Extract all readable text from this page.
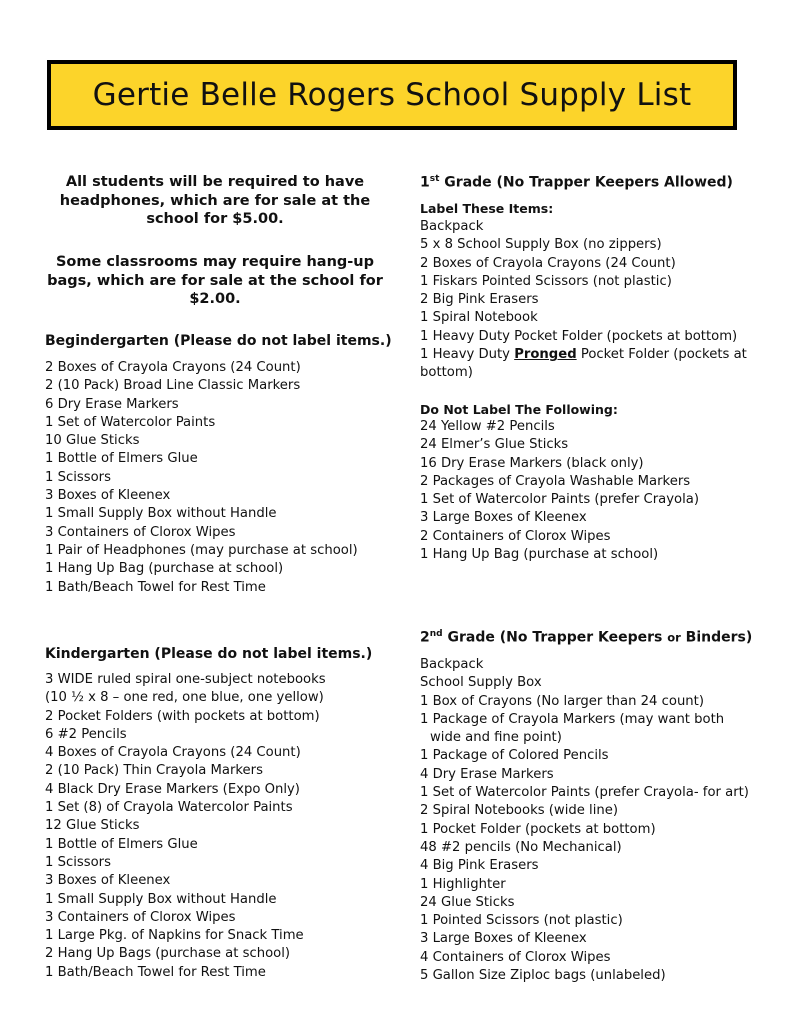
Gertie Belle Rogers School Supply List
All students will be required to have headphones, which are for sale at the school for $5.00.
Some classrooms may require hang-up bags, which are for sale at the school for $2.00.
Begindergarten (Please do not label items.)
2 Boxes of Crayola Crayons (24 Count)
2 (10 Pack) Broad Line Classic Markers
6 Dry Erase Markers
1 Set of Watercolor Paints
10 Glue Sticks
1 Bottle of Elmers Glue
1 Scissors
3 Boxes of Kleenex
1 Small Supply Box without Handle
3 Containers of Clorox Wipes
1 Pair of Headphones (may purchase at school)
1 Hang Up Bag (purchase at school)
1 Bath/Beach Towel for Rest Time
Kindergarten (Please do not label items.)
3 WIDE ruled spiral one-subject notebooks
(10 ½ x 8 – one red, one blue, one yellow)
2 Pocket Folders (with pockets at bottom)
6 #2 Pencils
4 Boxes of Crayola Crayons (24 Count)
2 (10 Pack) Thin Crayola Markers
4 Black Dry Erase Markers (Expo Only)
1 Set (8) of Crayola Watercolor Paints
12 Glue Sticks
1 Bottle of Elmers Glue
1 Scissors
3 Boxes of Kleenex
1 Small Supply Box without Handle
3 Containers of Clorox Wipes
1 Large Pkg. of Napkins for Snack Time
2 Hang Up Bags (purchase at school)
1 Bath/Beach Towel for Rest Time
1st Grade (No Trapper Keepers Allowed)
Label These Items:
Backpack
5 x 8 School Supply Box (no zippers)
2 Boxes of Crayola Crayons (24 Count)
1 Fiskars Pointed Scissors (not plastic)
2 Big Pink Erasers
1 Spiral Notebook
1 Heavy Duty Pocket Folder (pockets at bottom)
1 Heavy Duty Pronged Pocket Folder (pockets at bottom)
Do Not Label The Following:
24 Yellow #2 Pencils
24 Elmer’s Glue Sticks
16 Dry Erase Markers (black only)
2 Packages of Crayola Washable Markers
1 Set of Watercolor Paints (prefer Crayola)
3 Large Boxes of Kleenex
2 Containers of Clorox Wipes
1 Hang Up Bag (purchase at school)
2nd Grade (No Trapper Keepers or Binders)
Backpack
School Supply Box
1 Box of Crayons (No larger than 24 count)
1 Package of Crayola Markers (may want both
wide and fine point)
1 Package of Colored Pencils
4 Dry Erase Markers
1 Set of Watercolor Paints (prefer Crayola- for art)
2 Spiral Notebooks (wide line)
1 Pocket Folder (pockets at bottom)
48 #2 pencils (No Mechanical)
4 Big Pink Erasers
1 Highlighter
24 Glue Sticks
1 Pointed Scissors (not plastic)
3 Large Boxes of Kleenex
4 Containers of Clorox Wipes
5 Gallon Size Ziploc bags (unlabeled)
